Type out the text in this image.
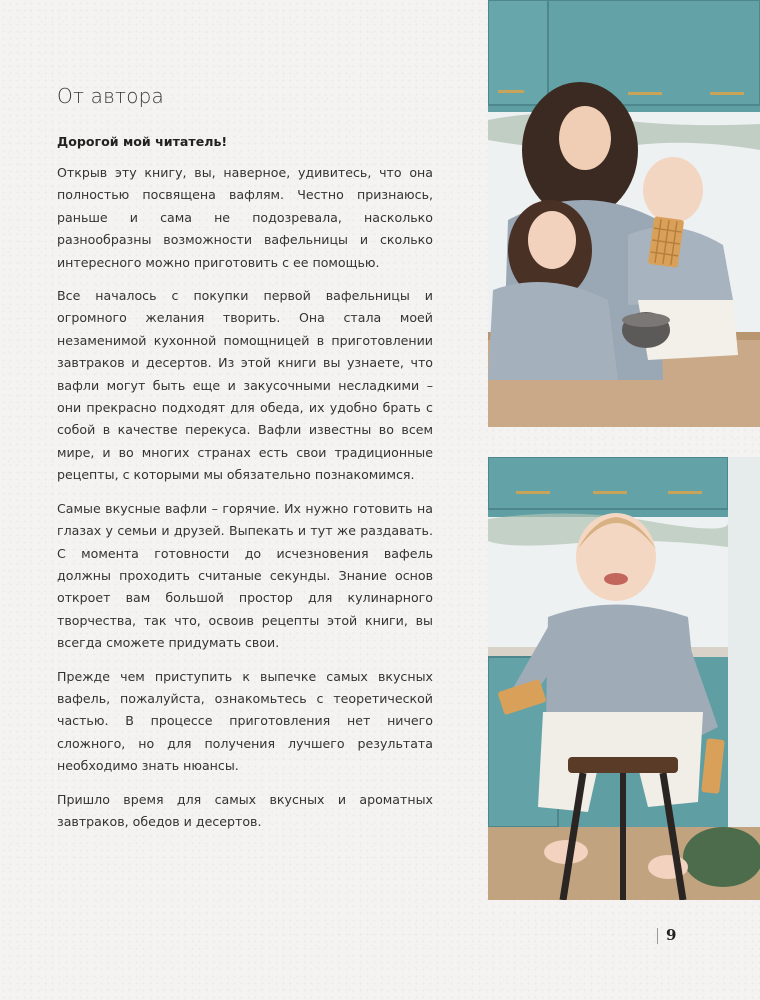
От автора

Дорогой мой читатель!

Открыв эту книгу, вы, наверное, удивитесь, что она полностью посвящена вафлям. Честно признаюсь, раньше и сама не подозревала, насколько разнообразны возможности вафельницы и сколько интересного можно приготовить с ее помощью.

Все началось с покупки первой вафельницы и огромного желания творить. Она стала моей незаменимой кухонной помощницей в приготовлении завтраков и десертов. Из этой книги вы узнаете, что вафли могут быть еще и закусочными несладкими – они прекрасно подходят для обеда, их удобно брать с собой в качестве перекуса. Вафли известны во всем мире, и во многих странах есть свои традиционные рецепты, с которыми мы обязательно познакомимся.

Самые вкусные вафли – горячие. Их нужно готовить на глазах у семьи и друзей. Выпекать и тут же раздавать. С момента готовности до исчезновения вафель должны проходить считаные секунды. Знание основ откроет вам большой простор для кулинарного творчества, так что, освоив рецепты этой книги, вы всегда сможете придумать свои.

Прежде чем приступить к выпечке самых вкусных вафель, пожалуйста, ознакомьтесь с теоретической частью. В процессе приготовления нет ничего сложного, но для получения лучшего результата необходимо знать нюансы.

Пришло время для самых вкусных и ароматных завтраков, обедов и десертов.

9
